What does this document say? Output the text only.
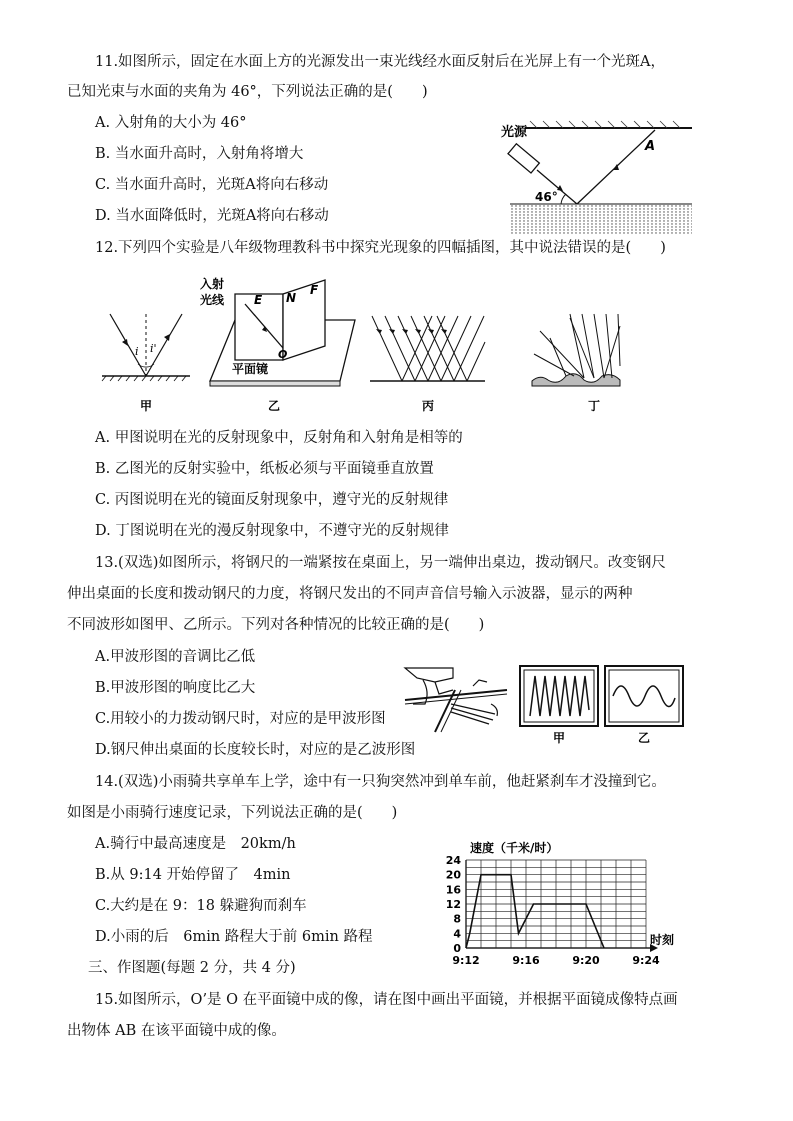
11.如图所示，固定在水面上方的光源发出一束光线经水面反射后在光屏上有一个光斑A，
已知光束与水面的夹角为 46°，下列说法正确的是(　　)
A. 入射角的大小为 46°
B. 当水面升高时，入射角将增大
C. 当水面升高时，光斑A将向右移动
D. 当水面降低时，光斑A将向右移动
光源
A
46°
12.下列四个实验是八年级物理教科书中探究光现象的四幅插图，其中说法错误的是(　　)
i i'
入射
光线 E N
F
O
平面镜
甲	乙	丙	丁
A. 甲图说明在光的反射现象中，反射角和入射角是相等的
B. 乙图光的反射实验中，纸板必须与平面镜垂直放置
C. 丙图说明在光的镜面反射现象中，遵守光的反射规律
D. 丁图说明在光的漫反射现象中，不遵守光的反射规律
13.(双选)如图所示，将钢尺的一端紧按在桌面上，另一端伸出桌边，拨动钢尺。改变钢尺
伸出桌面的长度和拨动钢尺的力度，将钢尺发出的不同声音信号输入示波器，显示的两种
不同波形如图甲、乙所示。下列对各种情况的比较正确的是(　　)
A.甲波形图的音调比乙低
B.甲波形图的响度比乙大
C.用较小的力拨动钢尺时，对应的是甲波形图
D.钢尺伸出桌面的长度较长时，对应的是乙波形图
甲	乙
14.(双选)小雨骑共享单车上学，途中有一只狗突然冲到单车前，他赶紧刹车才没撞到它。
如图是小雨骑行速度记录，下列说法正确的是(　　)
A.骑行中最高速度是　20km/h
B.从 9:14 开始停留了　4min
C.大约是在 9：18 躲避狗而刹车
D.小雨的后　6min 路程大于前 6min 路程
速度（千米/时）
时刻
0
4
8
12
16
20
24
9:12	9:16	9:20	9:24
三、作图题(每题 2 分，共 4 分)
15.如图所示，O’是 O 在平面镜中成的像，请在图中画出平面镜，并根据平面镜成像特点画
出物体 AB 在该平面镜中成的像。
